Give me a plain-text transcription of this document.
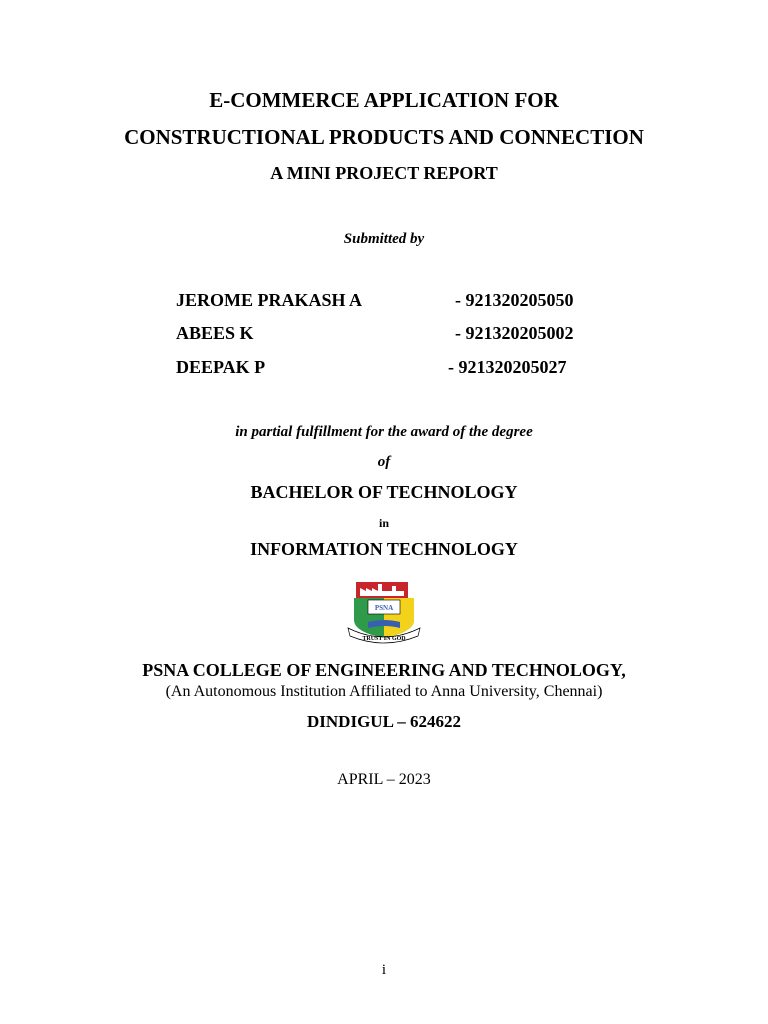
E-COMMERCE APPLICATION FOR
CONSTRUCTIONAL PRODUCTS AND CONNECTION
A MINI PROJECT REPORT
Submitted by
JEROME PRAKASH A	- 921320205050
ABEES K	- 921320205002
DEEPAK P	- 921320205027
in partial fulfillment for the award of the degree
of
BACHELOR OF TECHNOLOGY
in
INFORMATION TECHNOLOGY
PSNA
TRUST IN GOD
PSNA COLLEGE OF ENGINEERING AND TECHNOLOGY,
(An Autonomous Institution Affiliated to Anna University, Chennai)
DINDIGUL – 624622
APRIL – 2023
i
